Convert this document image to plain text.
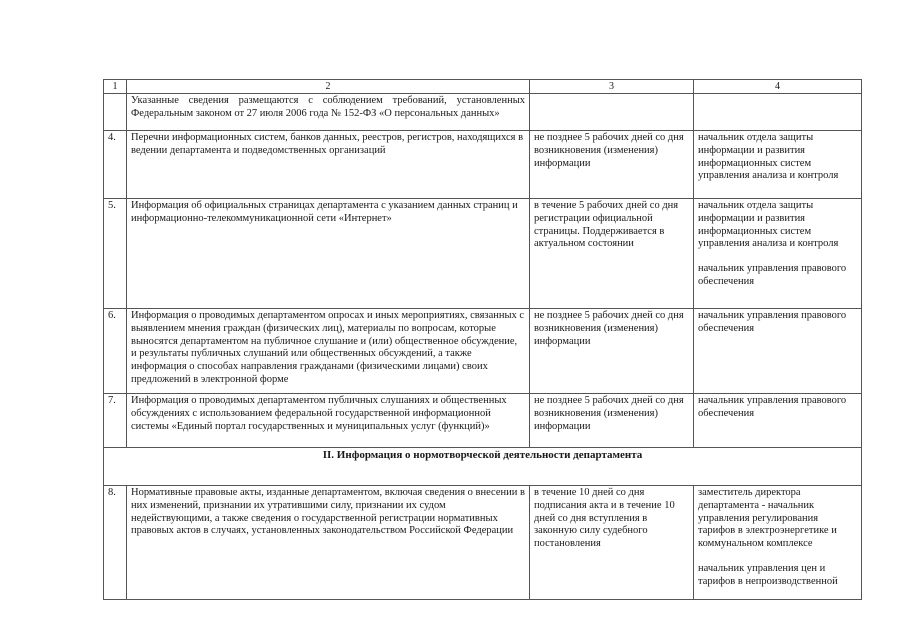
1	2	3	4
	Указанные сведения размещаются с соблюдением требований, установленных Федеральным законом от 27 июля 2006 года № 152-ФЗ «О персональных данных»		
4.	Перечни информационных систем, банков данных, реестров, регистров, находящихся в ведении департамента и подведомственных организаций	не позднее 5 рабочих дней со дня возникновения (изменения) информации	начальник отдела защиты информации и развития информационных систем управления анализа и контроля
5.	Информация об официальных страницах департамента с указанием данных страниц и информационно-телекоммуникационной сети «Интернет»	в течение 5 рабочих дней со дня регистрации официальной страницы. Поддерживается в актуальном состоянии	начальник отдела защиты информации и развития информационных систем управления анализа и контроля
начальник управления правового обеспечения

6.	Информация о проводимых департаментом опросах и иных мероприятиях, связанных с выявлением мнения граждан (физических лиц), материалы по вопросам, которые выносятся департаментом на публичное слушание и (или) общественное обсуждение, и результаты публичных слушаний или общественных обсуждений, а также информация о способах направления гражданами (физическими лицами) своих предложений в электронной форме	не позднее 5 рабочих дней со дня возникновения (изменения) информации	начальник управления правового обеспечения
7.	Информация о проводимых департаментом публичных слушаниях и общественных обсуждениях с использованием федеральной государственной информационной системы «Единый портал государственных и муниципальных услуг (функций)»	не позднее 5 рабочих дней со дня возникновения (изменения) информации	начальник управления правового обеспечения
II. Информация о нормотворческой деятельности департамента			
8.	Нормативные правовые акты, изданные департаментом, включая сведения о внесении в них изменений, признании их утратившими силу, признании их судом недействующими, а также сведения о государственной регистрации нормативных правовых актов в случаях, установленных законодательством Российской Федерации	в течение 10 дней со дня подписания акта и в течение 10 дней со дня вступления в законную силу судебного постановления	заместитель директора департамента - начальник управления регулирования тарифов в электроэнергетике и коммунальном комплексе
начальник управления цен и тарифов в непроизводственной
